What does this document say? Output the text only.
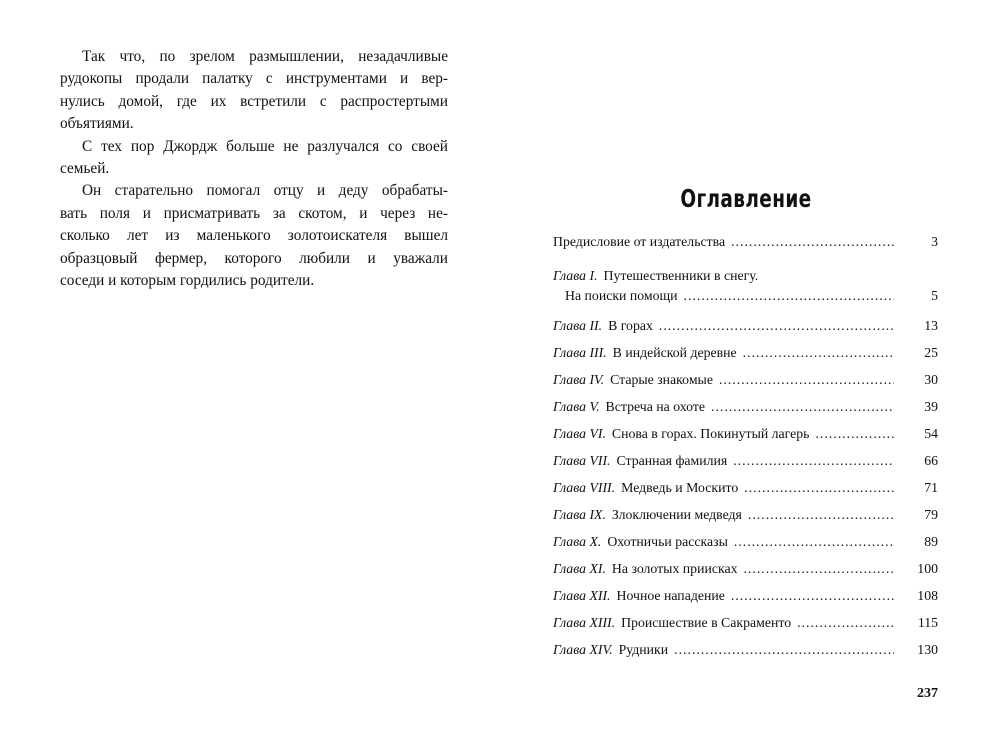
Так что, по зрелом размышлении, незадачливые
рудокопы продали палатку с инструментами и вер-
нулись домой, где их встретили с распростертыми
объятиями.
С тех пор Джордж больше не разлучался со своей
семьей.
Он старательно помогал отцу и деду обрабаты-
вать поля и присматривать за скотом, и через не-
сколько лет из маленького золотоискателя вышел
образцовый фермер, которого любили и уважали
соседи и которым гордились родители.
Оглавление
Предисловие от издательства .....	3
Глава I. Путешественники в снегу.
На поиски помощи .....	5
Глава II. В горах .....	13
Глава III. В индейской деревне .....	25
Глава IV. Старые знакомые .....	30
Глава V. Встреча на охоте .....	39
Глава VI. Снова в горах. Покинутый лагерь .....	54
Глава VII. Странная фамилия .....	66
Глава VIII. Медведь и Москито .....	71
Глава IX. Злоключении медведя .....	79
Глава X. Охотничьи рассказы .....	89
Глава XI. На золотых приисках .....	100
Глава XII. Ночное нападение .....	108
Глава XIII. Происшествие в Сакраменто .....	115
Глава XIV. Рудники .....	130
237
